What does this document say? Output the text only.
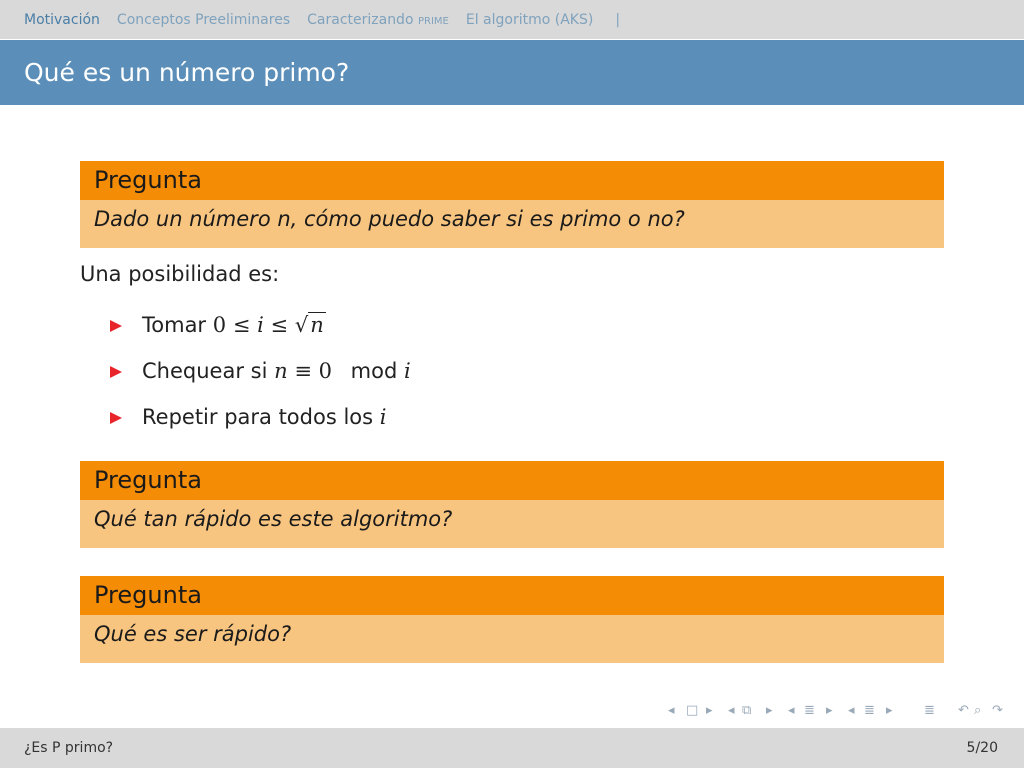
Motivación Conceptos Preeliminares Caracterizando prime El algoritmo (AKS) |
Qué es un número primo?
Pregunta
Dado un número n, cómo puedo saber si es primo o no?
Una posibilidad es:
Tomar 0 ≤ i ≤ √n
Chequear si n ≡ 0 mod i
Repetir para todos los i
Pregunta
Qué tan rápido es este algoritmo?
Pregunta
Qué es ser rápido?
◂ □ ▸ ◂ ⧉ ▸ ◂ ≣ ▸ ◂ ≣ ▸ ≣ ↶ ⌕ ↷
¿Es P primo?	5/20
